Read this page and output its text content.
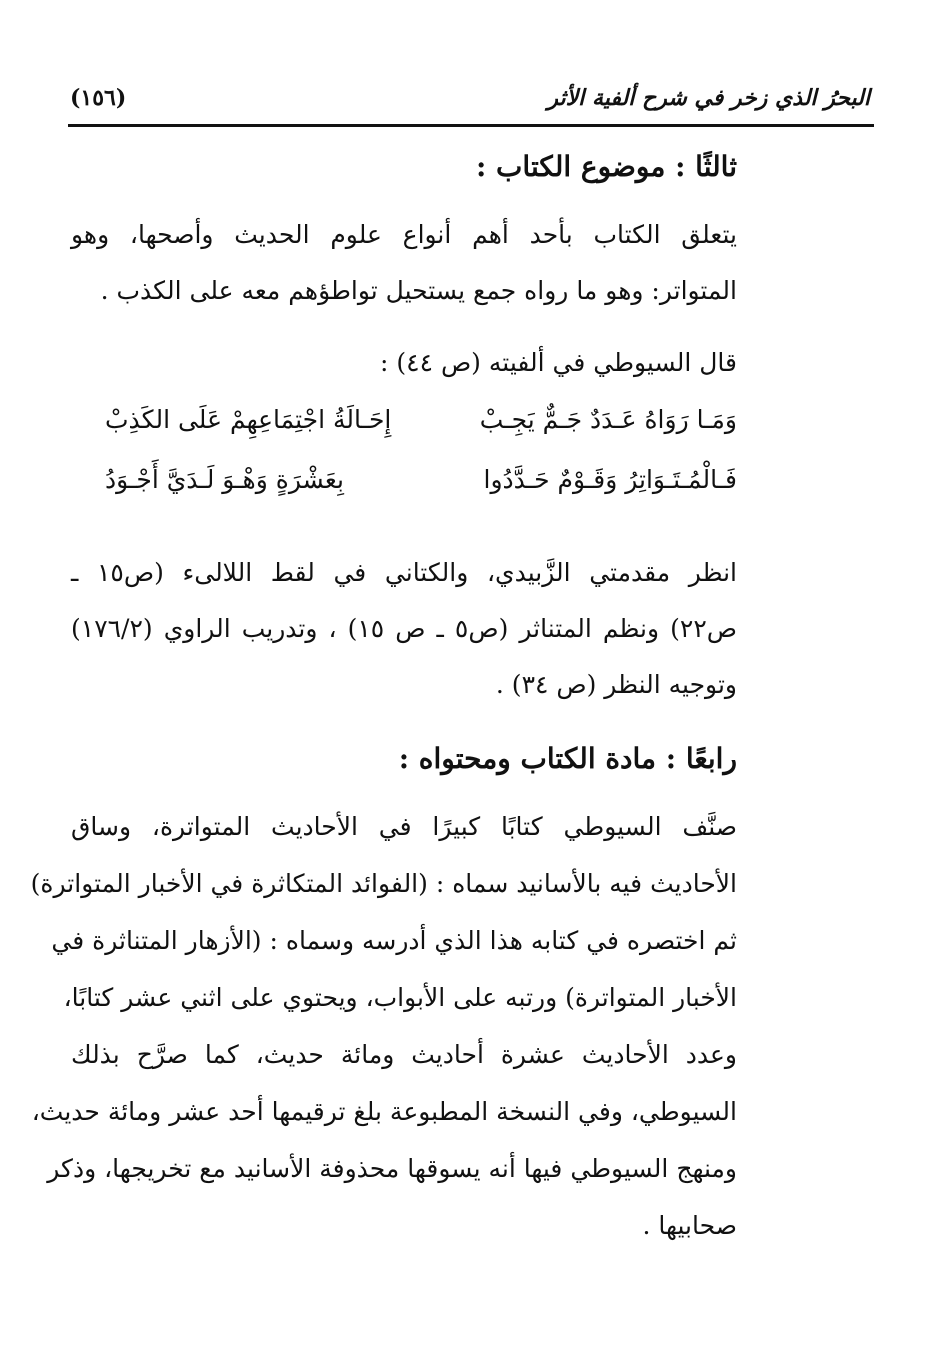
البحرُ الذي زخر في شرح ألفية الأثر
(١٥٦)
ثالثًا : موضوع الكتاب :
يتعلق الكتاب بأحد أهم أنواع علوم الحديث وأصحها، وهو
المتواتر: وهو ما رواه جمع يستحيل تواطؤهم معه على الكذب .
قال السيوطي في ألفيته (ص ٤٤) :
وَمَـا رَوَاهُ عَـدَدٌ جَـمٌّ يَجِـبْ
إِحَـالَةُ اجْتِمَاعِهِمْ عَلَى الكَذِبْ
فَـالْمُـتَـوَاتِرُ وَقَـوْمٌ حَـدَّدُوا
بِعَشْرَةٍ وَهْـوَ لَـدَيَّ أَجْـوَدُ
انظر مقدمتي الزَّبيدي، والكتاني في لقط اللالىء (ص١٥ ـ
ص٢٢) ونظم المتناثر (ص٥ ـ ص ١٥) ، وتدريب الراوي (١٧٦/٢)
وتوجيه النظر (ص ٣٤) .
رابعًا : مادة الكتاب ومحتواه :
صنَّف السيوطي كتابًا كبيرًا في الأحاديث المتواترة، وساق
الأحاديث فيه بالأسانيد سماه : (الفوائد المتكاثرة في الأخبار المتواترة)
ثم اختصره في كتابه هذا الذي أدرسه وسماه : (الأزهار المتناثرة في
الأخبار المتواترة) ورتبه على الأبواب، ويحتوي على اثني عشر كتابًا،
وعدد الأحاديث عشرة أحاديث ومائة حديث، كما صرَّح بذلك
السيوطي، وفي النسخة المطبوعة بلغ ترقيمها أحد عشر ومائة حديث،
ومنهج السيوطي فيها أنه يسوقها محذوفة الأسانيد مع تخريجها، وذكر
صحابيها .
